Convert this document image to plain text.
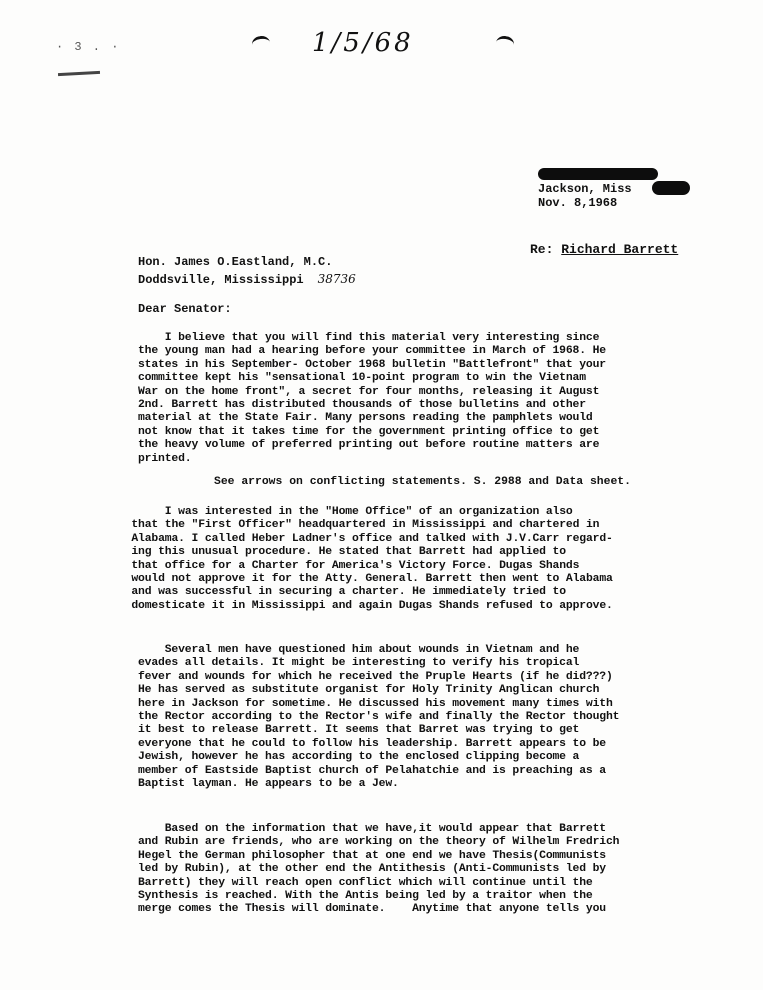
· 3 . ·	1/5/68
Jackson, Miss
Nov. 8,1968
Re: Richard Barrett
Hon. James O.Eastland, M.C.
Doddsville, Mississippi 38736
Dear Senator:
I believe that you will find this material very interesting since
the young man had a hearing before your committee in March of 1968. He
states in his September- October 1968 bulletin "Battlefront" that your
committee kept his "sensational 10-point program to win the Vietnam
War on the home front", a secret for four months, releasing it August
2nd. Barrett has distributed thousands of those bulletins and other
material at the State Fair. Many persons reading the pamphlets would
not know that it takes time for the government printing office to get
the heavy volume of preferred printing out before routine matters are
printed.
See arrows on conflicting statements. S. 2988 and Data sheet.
I was interested in the "Home Office" of an organization also
that the "First Officer" headquartered in Mississippi and chartered in
Alabama. I called Heber Ladner's office and talked with J.V.Carr regard-
ing this unusual procedure. He stated that Barrett had applied to
that office for a Charter for America's Victory Force. Dugas Shands
would not approve it for the Atty. General. Barrett then went to Alabama
and was successful in securing a charter. He immediately tried to
domesticate it in Mississippi and again Dugas Shands refused to approve.
Several men have questioned him about wounds in Vietnam and he
evades all details. It might be interesting to verify his tropical
fever and wounds for which he received the Pruple Hearts (if he did???)
He has served as substitute organist for Holy Trinity Anglican church
here in Jackson for sometime. He discussed his movement many times with
the Rector according to the Rector's wife and finally the Rector thought
it best to release Barrett. It seems that Barret was trying to get
everyone that he could to follow his leadership. Barrett appears to be
Jewish, however he has according to the enclosed clipping become a
member of Eastside Baptist church of Pelahatchie and is preaching as a
Baptist layman. He appears to be a Jew.
Based on the information that we have,it would appear that Barrett
and Rubin are friends, who are working on the theory of Wilhelm Fredrich
Hegel the German philosopher that at one end we have Thesis(Communists
led by Rubin), at the other end the Antithesis (Anti-Communists led by
Barrett) they will reach open conflict which will continue until the
Synthesis is reached. With the Antis being led by a traitor when the
merge comes the Thesis will dominate.    Anytime that anyone tells you
